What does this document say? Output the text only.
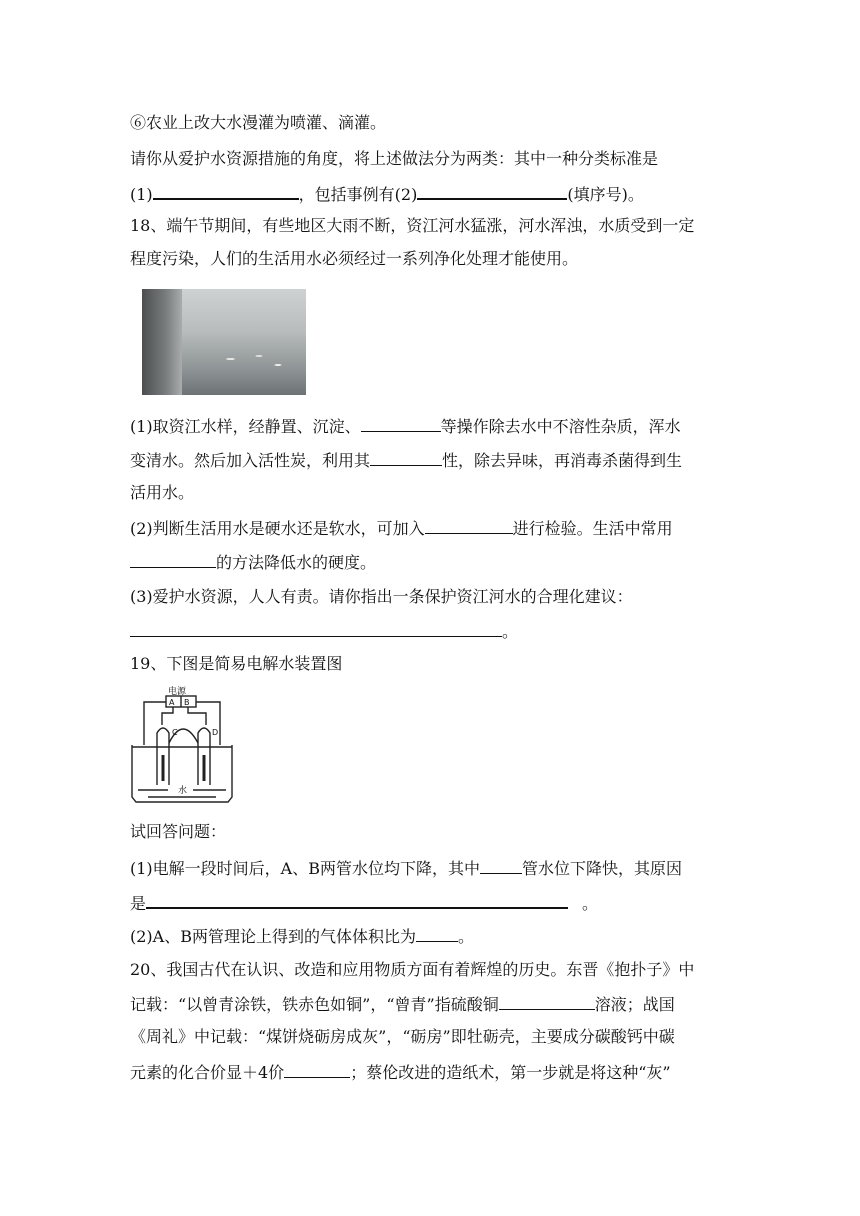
⑥农业上改大水漫灌为喷灌、滴灌。
请你从爱护水资源措施的角度，将上述做法分为两类：其中一种分类标准是
(1)	，包括事例有(2)	(填序号)。
18、端午节期间，有些地区大雨不断，资江河水猛涨，河水浑浊，水质受到一定
程度污染，人们的生活用水必须经过一系列净化处理才能使用。
(1)取资江水样，经静置、沉淀、	等操作除去水中不溶性杂质，浑水
变清水。然后加入活性炭，利用其	性，除去异味，再消毒杀菌得到生
活用水。
(2)判断生活用水是硬水还是软水，可加入	进行检验。生活中常用
的方法降低水的硬度。
(3)爱护水资源，人人有责。请你指出一条保护资江河水的合理化建议：
。
19、下图是简易电解水装置图
电源
A B
C	D
水
试回答问题：
(1)电解一段时间后，A、B两管水位均下降，其中	管水位下降快，其原因
是	。
(2)A、B两管理论上得到的气体体积比为	。
20、我国古代在认识、改造和应用物质方面有着辉煌的历史。东晋《抱扑子》中
记载：“以曾青涂铁，铁赤色如铜”，“曾青”指硫酸铜	溶液；战国
《周礼》中记载：“煤饼烧砺房成灰”，“砺房”即牡砺壳，主要成分碳酸钙中碳
元素的化合价显＋4价	；蔡伦改进的造纸术，第一步就是将这种“灰”
